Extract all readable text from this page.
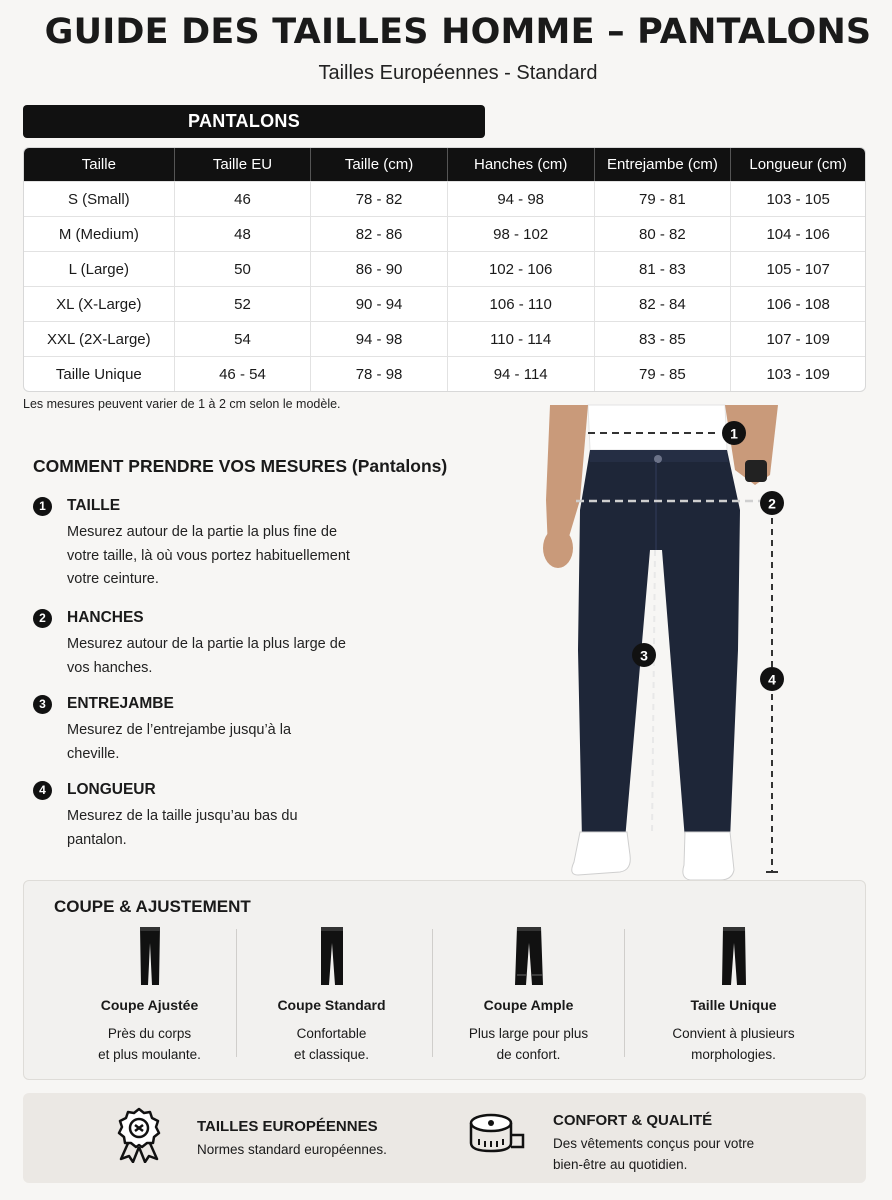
GUIDE DES TAILLES HOMME – PANTALONS
Tailles Européennes - Standard
PANTALONS
Taille	Taille EU	Taille (cm)	Hanches (cm)	Entrejambe (cm)	Longueur (cm)
S (Small)	46	78 - 82	94 - 98	79 - 81	103 - 105
M (Medium)	48	82 - 86	98 - 102	80 - 82	104 - 106
L (Large)	50	86 - 90	102 - 106	81 - 83	105 - 107
XL (X-Large)	52	90 - 94	106 - 110	82 - 84	106 - 108
XXL (2X-Large)	54	94 - 98	110 - 114	83 - 85	107 - 109
Taille Unique	46 - 54	78 - 98	94 - 114	79 - 85	103 - 109
Les mesures peuvent varier de 1 à 2 cm selon le modèle.
COMMENT PRENDRE VOS MESURES (Pantalons)
1	TAILLE
Mesurez autour de la partie la plus fine de votre taille, là où vous portez habituellement votre ceinture.
2	HANCHES
Mesurez autour de la partie la plus large de vos hanches.
3	ENTREJAMBE
Mesurez de l’entrejambe jusqu’à la cheville.
4	LONGUEUR
Mesurez de la taille jusqu’au bas du pantalon.
1
2
3
4
COUPE & AJUSTEMENT
Coupe Ajustée
Près du corps
et plus moulante.
Coupe Standard
Confortable
et classique.
Coupe Ample
Plus large pour plus
de confort.
Taille Unique
Convient à plusieurs
morphologies.
TAILLES EUROPÉENNES
Normes standard européennes.
CONFORT & QUALITÉ
Des vêtements conçus pour votre
bien-être au quotidien.
